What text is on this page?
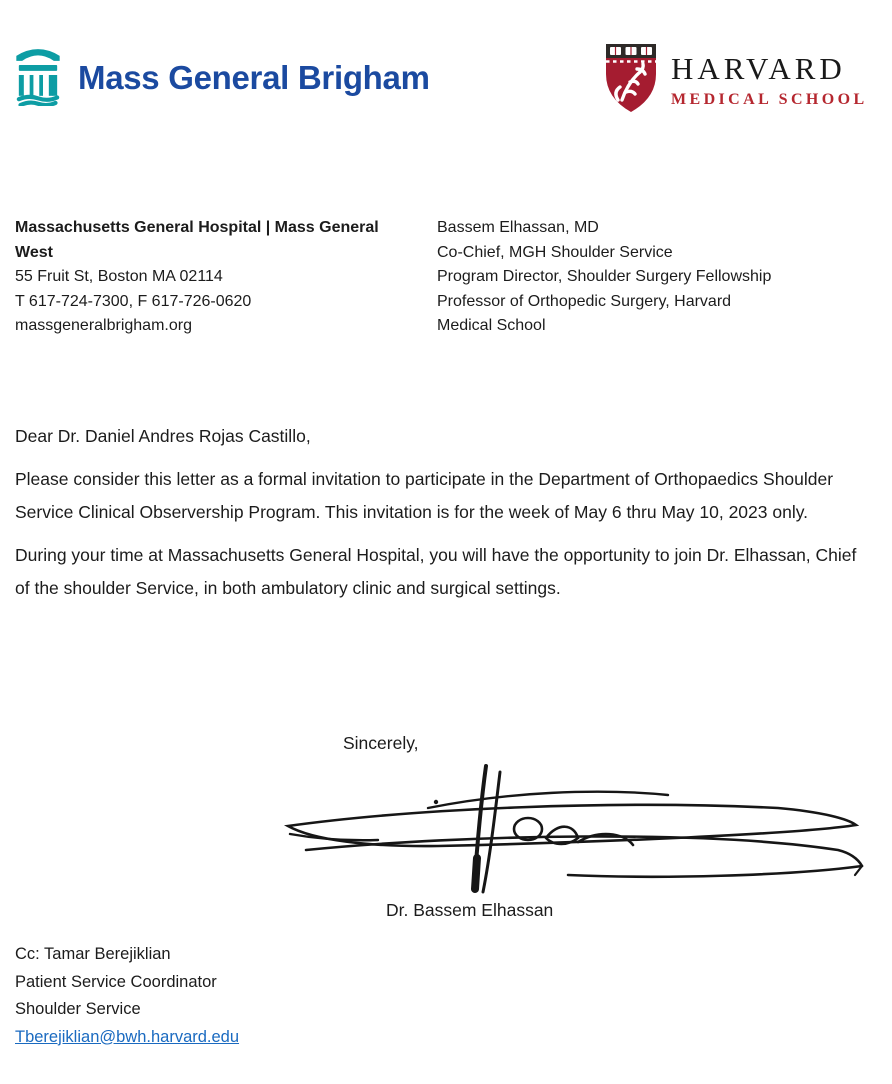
Mass General Brigham	HARVARD
MEDICAL SCHOOL
Massachusetts General Hospital | Mass General
West
55 Fruit St, Boston MA 02114
T 617-724-7300, F 617-726-0620
massgeneralbrigham.org
Bassem Elhassan, MD
Co-Chief, MGH Shoulder Service
Program Director, Shoulder Surgery Fellowship
Professor of Orthopedic Surgery, Harvard
Medical School

Dear Dr. Daniel Andres Rojas Castillo,

Please consider this letter as a formal invitation to participate in the Department of Orthopaedics Shoulder Service Clinical Observership Program. This invitation is for the week of May 6 thru May 10, 2023 only.

During your time at Massachusetts General Hospital, you will have the opportunity to join Dr. Elhassan, Chief of the shoulder Service, in both ambulatory clinic and surgical settings.

Sincerely,
Dr. Bassem Elhassan
Cc: Tamar Berejiklian
Patient Service Coordinator
Shoulder Service
Tberejiklian@bwh.harvard.edu
